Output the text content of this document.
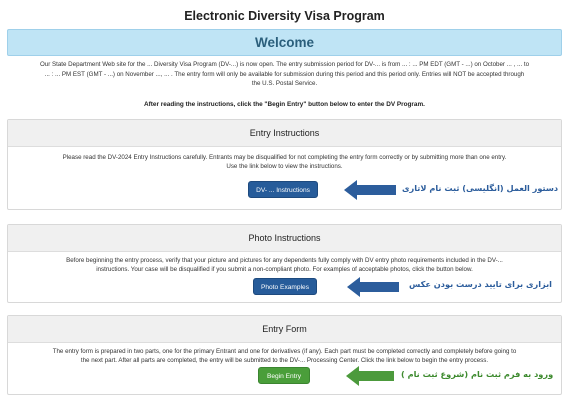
Electronic Diversity Visa Program
Welcome
Our State Department Web site for the ... Diversity Visa Program (DV-...) is now open. The entry submission period for DV-... is from ... : ... PM EDT (GMT - ...) on October ... , ... to
... : ... PM EST (GMT - ...) on November ..., ... . The entry form will only be available for submission during this period and this period only. Entries will NOT be accepted through
the U.S. Postal Service.
After reading the instructions, click the "Begin Entry" button below to enter the DV Program.
Entry Instructions
Please read the DV-2024 Entry Instructions carefully. Entrants may be disqualified for not completing the entry form correctly or by submitting more than one entry.
Use the link below to view the instructions.
DV- ... Instructions
Photo Instructions
Before beginning the entry process, verify that your picture and pictures for any dependents fully comply with DV entry photo requirements included in the DV-...
instructions. Your case will be disqualified if you submit a non-compliant photo. For examples of acceptable photos, click the button below.
Photo Examples
Entry Form
The entry form is prepared in two parts, one for the primary Entrant and one for derivatives (if any). Each part must be completed correctly and completely before going to
the next part. After all parts are completed, the entry will be submitted to the DV-... Processing Center. Click the link below to begin the entry process.
Begin Entry
دستور العمل (انگلیسی) ثبت نام لاتاری
ابزاری برای تایید درست بودن عکس
ورود به فرم ثبت نام (شروع ثبت نام )
